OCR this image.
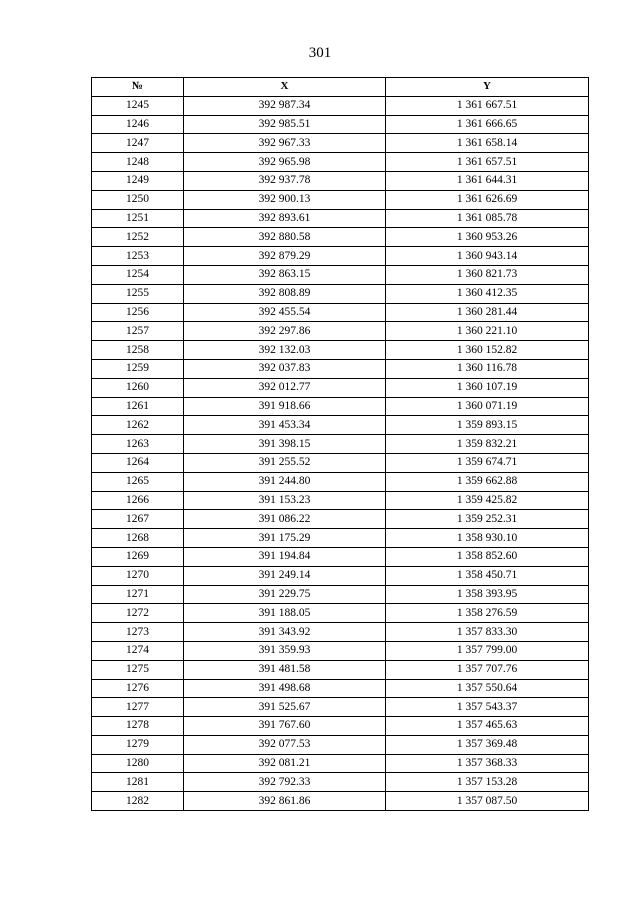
301
№	X	Y
1245	392 987.34	1 361 667.51
1246	392 985.51	1 361 666.65
1247	392 967.33	1 361 658.14
1248	392 965.98	1 361 657.51
1249	392 937.78	1 361 644.31
1250	392 900.13	1 361 626.69
1251	392 893.61	1 361 085.78
1252	392 880.58	1 360 953.26
1253	392 879.29	1 360 943.14
1254	392 863.15	1 360 821.73
1255	392 808.89	1 360 412.35
1256	392 455.54	1 360 281.44
1257	392 297.86	1 360 221.10
1258	392 132.03	1 360 152.82
1259	392 037.83	1 360 116.78
1260	392 012.77	1 360 107.19
1261	391 918.66	1 360 071.19
1262	391 453.34	1 359 893.15
1263	391 398.15	1 359 832.21
1264	391 255.52	1 359 674.71
1265	391 244.80	1 359 662.88
1266	391 153.23	1 359 425.82
1267	391 086.22	1 359 252.31
1268	391 175.29	1 358 930.10
1269	391 194.84	1 358 852.60
1270	391 249.14	1 358 450.71
1271	391 229.75	1 358 393.95
1272	391 188.05	1 358 276.59
1273	391 343.92	1 357 833.30
1274	391 359.93	1 357 799.00
1275	391 481.58	1 357 707.76
1276	391 498.68	1 357 550.64
1277	391 525.67	1 357 543.37
1278	391 767.60	1 357 465.63
1279	392 077.53	1 357 369.48
1280	392 081.21	1 357 368.33
1281	392 792.33	1 357 153.28
1282	392 861.86	1 357 087.50
